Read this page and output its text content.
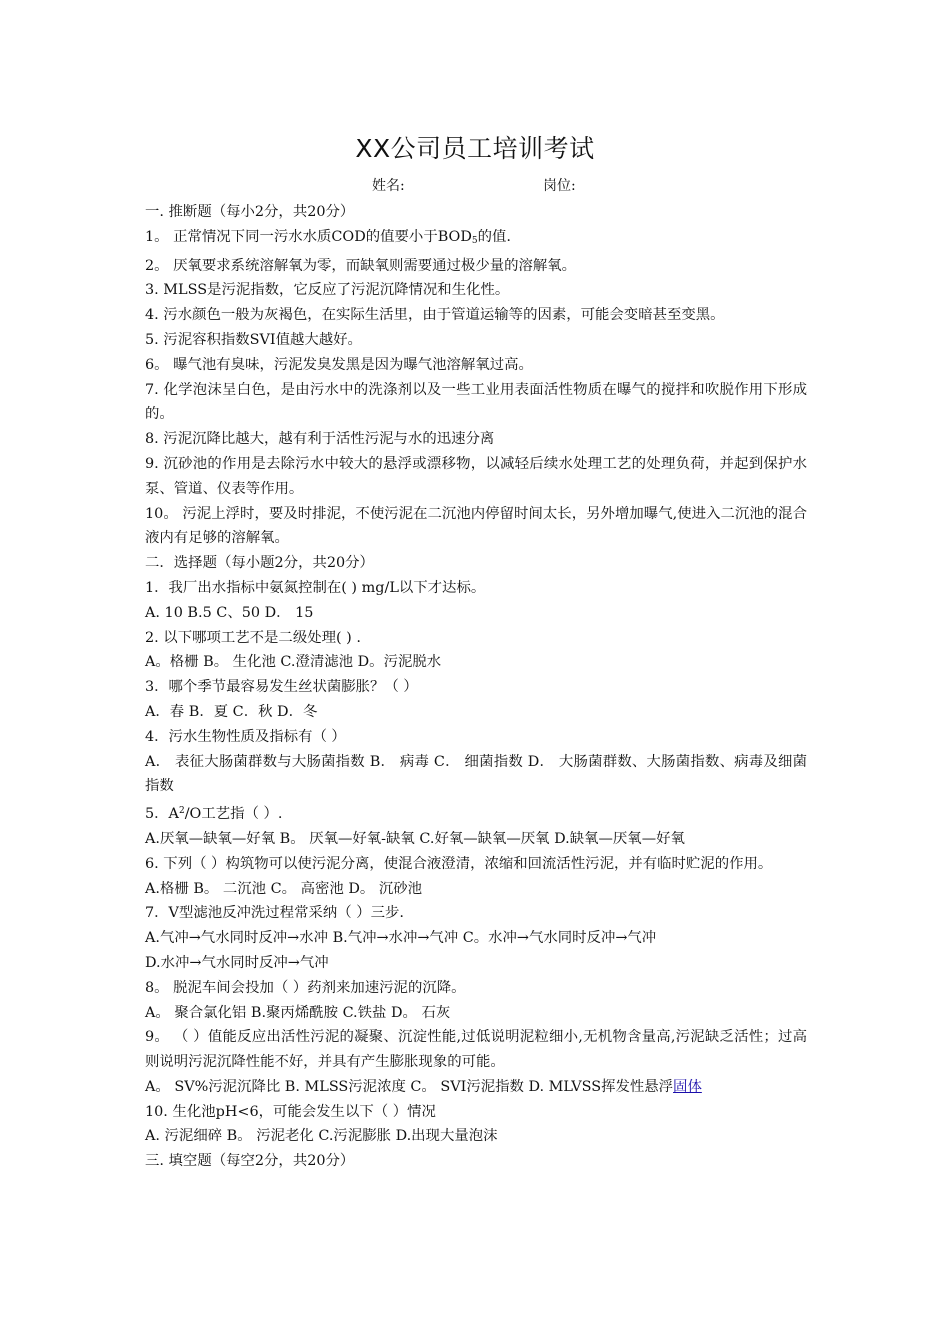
XX公司员工培训考试
姓名:	岗位:
一. 推断题（每小2分，共20分）
1。 正常情况下同一污水水质COD的值要小于$BOD_5$的值.
2。 厌氧要求系统溶解氧为零，而缺氧则需要通过极少量的溶解氧。
3. MLSS是污泥指数，它反应了污泥沉降情况和生化性。
4. 污水颜色一般为灰褐色，在实际生活里，由于管道运输等的因素，可能会变暗甚至变黑。
5. 污泥容积指数SVI值越大越好。
6。 曝气池有臭味，污泥发臭发黑是因为曝气池溶解氧过高。
7. 化学泡沫呈白色，是由污水中的洗涤剂以及一些工业用表面活性物质在曝气的搅拌和吹脱作用下形成的。
8. 污泥沉降比越大，越有利于活性污泥与水的迅速分离
9. 沉砂池的作用是去除污水中较大的悬浮或漂移物，以减轻后续水处理工艺的处理负荷，并起到保护水泵、管道、仪表等作用。
10。 污泥上浮时，要及时排泥，不使污泥在二沉池内停留时间太长，另外增加曝气,使进入二沉池的混合液内有足够的溶解氧。
二．选择题（每小题2分，共20分）
1．我厂出水指标中氨氮控制在( ) mg/L以下才达标。
A. 10 B.5 C、50 D． 15
2. 以下哪项工艺不是二级处理( ) .
A。格栅 B。 生化池 C.澄清滤池 D。污泥脱水
3．哪个季节最容易发生丝状菌膨胀？（ ）
A．春 B．夏 C．秋 D．冬
4．污水生物性质及指标有（ ）
A． 表征大肠菌群数与大肠菌指数 B． 病毒 C． 细菌指数 D． 大肠菌群数、大肠菌指数、病毒及细菌指数
5．$A^2/O$工艺指（ ）.
A.厌氧—缺氧—好氧 B。 厌氧—好氧-缺氧 C.好氧—缺氧—厌氧 D.缺氧—厌氧—好氧
6. 下列（ ）构筑物可以使污泥分离，使混合液澄清，浓缩和回流活性污泥，并有临时贮泥的作用。
A.格栅 B。 二沉池 C。 高密池 D。 沉砂池
7．V型滤池反冲洗过程常采纳（ ）三步.
A.气冲→气水同时反冲→水冲 B.气冲→水冲→气冲 C。水冲→气水同时反冲→气冲
D.水冲→气水同时反冲→气冲
8。 脱泥车间会投加（ ）药剂来加速污泥的沉降。
A。 聚合氯化铝 B.聚丙烯酰胺 C.铁盐 D。 石灰
9。 （ ）值能反应出活性污泥的凝聚、沉淀性能,过低说明泥粒细小,无机物含量高,污泥缺乏活性；过高则说明污泥沉降性能不好，并具有产生膨胀现象的可能。
A。 SV%污泥沉降比 B. MLSS污泥浓度 C。 SVI污泥指数 D. MLVSS挥发性悬浮固体
10. 生化池pH<6，可能会发生以下（ ）情况
A. 污泥细碎 B。 污泥老化 C.污泥膨胀 D.出现大量泡沫
三. 填空题（每空2分，共20分）
